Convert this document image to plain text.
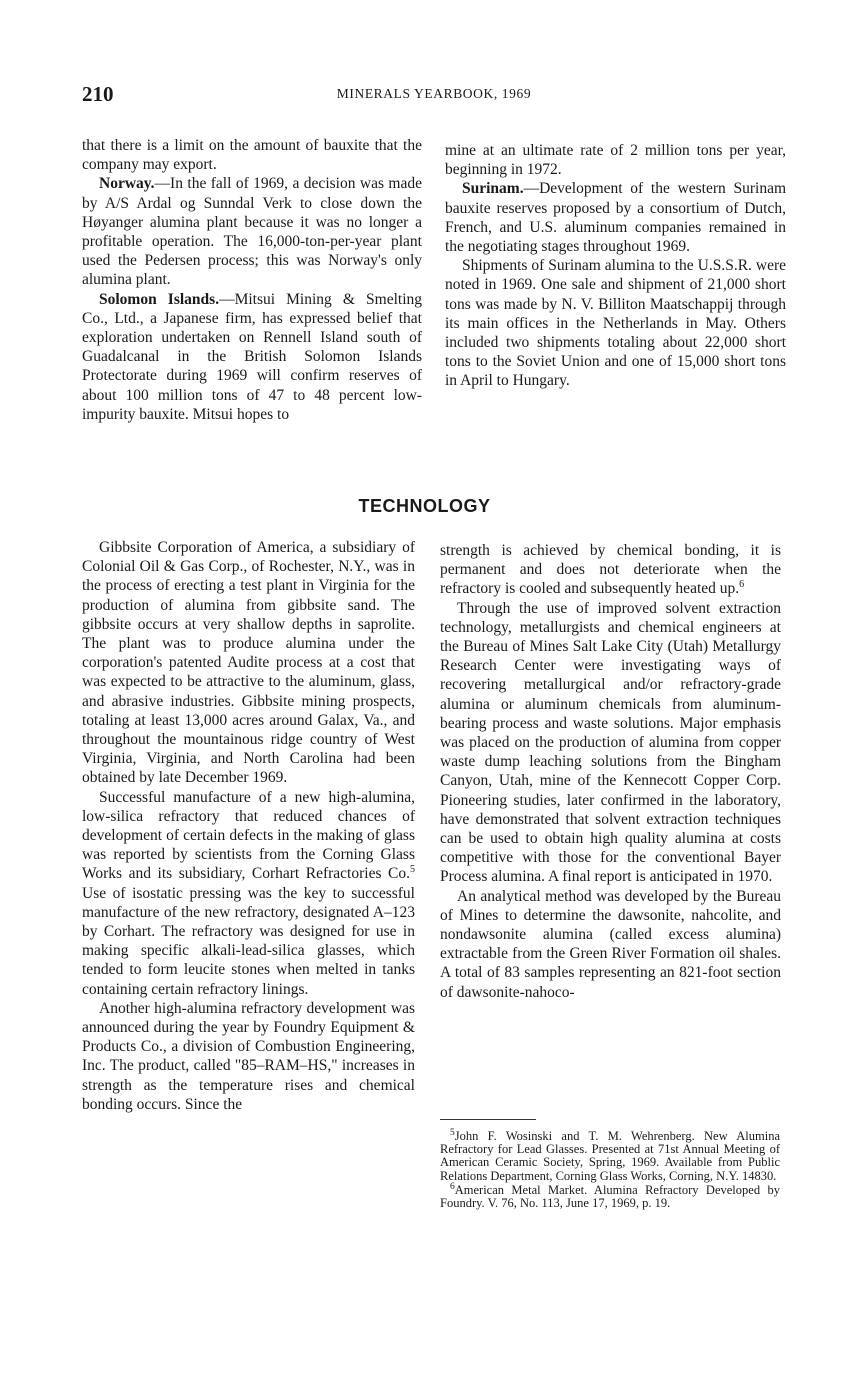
210	MINERALS YEARBOOK, 1969

that there is a limit on the amount of bauxite that the company may export.

Norway.—In the fall of 1969, a decision was made by A/S Ardal og Sunndal Verk to close down the Høyanger alumina plant because it was no longer a profitable operation. The 16,000-ton-per-year plant used the Pedersen process; this was Norway's only alumina plant.

Solomon Islands.—Mitsui Mining & Smelting Co., Ltd., a Japanese firm, has expressed belief that exploration undertaken on Rennell Island south of Guadalcanal in the British Solomon Islands Protectorate during 1969 will confirm reserves of about 100 million tons of 47 to 48 percent low-impurity bauxite. Mitsui hopes to

mine at an ultimate rate of 2 million tons per year, beginning in 1972.

Surinam.—Development of the western Surinam bauxite reserves proposed by a consortium of Dutch, French, and U.S. aluminum companies remained in the negotiating stages throughout 1969.

Shipments of Surinam alumina to the U.S.S.R. were noted in 1969. One sale and shipment of 21,000 short tons was made by N. V. Billiton Maatschappij through its main offices in the Netherlands in May. Others included two shipments totaling about 22,000 short tons to the Soviet Union and one of 15,000 short tons in April to Hungary.

TECHNOLOGY

Gibbsite Corporation of America, a subsidiary of Colonial Oil & Gas Corp., of Rochester, N.Y., was in the process of erecting a test plant in Virginia for the production of alumina from gibbsite sand. The gibbsite occurs at very shallow depths in saprolite. The plant was to produce alumina under the corporation's patented Audite process at a cost that was expected to be attractive to the aluminum, glass, and abrasive industries. Gibbsite mining prospects, totaling at least 13,000 acres around Galax, Va., and throughout the mountainous ridge country of West Virginia, Virginia, and North Carolina had been obtained by late December 1969.

Successful manufacture of a new high-alumina, low-silica refractory that reduced chances of development of certain defects in the making of glass was reported by scientists from the Corning Glass Works and its subsidiary, Corhart Refractories Co.$^5$ Use of isostatic pressing was the key to successful manufacture of the new refractory, designated A–123 by Corhart. The refractory was designed for use in making specific alkali-lead-silica glasses, which tended to form leucite stones when melted in tanks containing certain refractory linings.

Another high-alumina refractory development was announced during the year by Foundry Equipment & Products Co., a division of Combustion Engineering, Inc. The product, called "85–RAM–HS," increases in strength as the temperature rises and chemical bonding occurs. Since the

strength is achieved by chemical bonding, it is permanent and does not deteriorate when the refractory is cooled and subsequently heated up.$^6$

Through the use of improved solvent extraction technology, metallurgists and chemical engineers at the Bureau of Mines Salt Lake City (Utah) Metallurgy Research Center were investigating ways of recovering metallurgical and/or refractory-grade alumina or aluminum chemicals from aluminum-bearing process and waste solutions. Major emphasis was placed on the production of alumina from copper waste dump leaching solutions from the Bingham Canyon, Utah, mine of the Kennecott Copper Corp. Pioneering studies, later confirmed in the laboratory, have demonstrated that solvent extraction techniques can be used to obtain high quality alumina at costs competitive with those for the conventional Bayer Process alumina. A final report is anticipated in 1970.

An analytical method was developed by the Bureau of Mines to determine the dawsonite, nahcolite, and nondawsonite alumina (called excess alumina) extractable from the Green River Formation oil shales. A total of 83 samples representing an 821-foot section of dawsonite-nahoco-

$^5$John F. Wosinski and T. M. Wehrenberg. New Alumina Refractory for Lead Glasses. Presented at 71st Annual Meeting of American Ceramic Society, Spring, 1969. Available from Public Relations Department, Corning Glass Works, Corning, N.Y. 14830.

$^6$American Metal Market. Alumina Refractory Developed by Foundry. V. 76, No. 113, June 17, 1969, p. 19.
